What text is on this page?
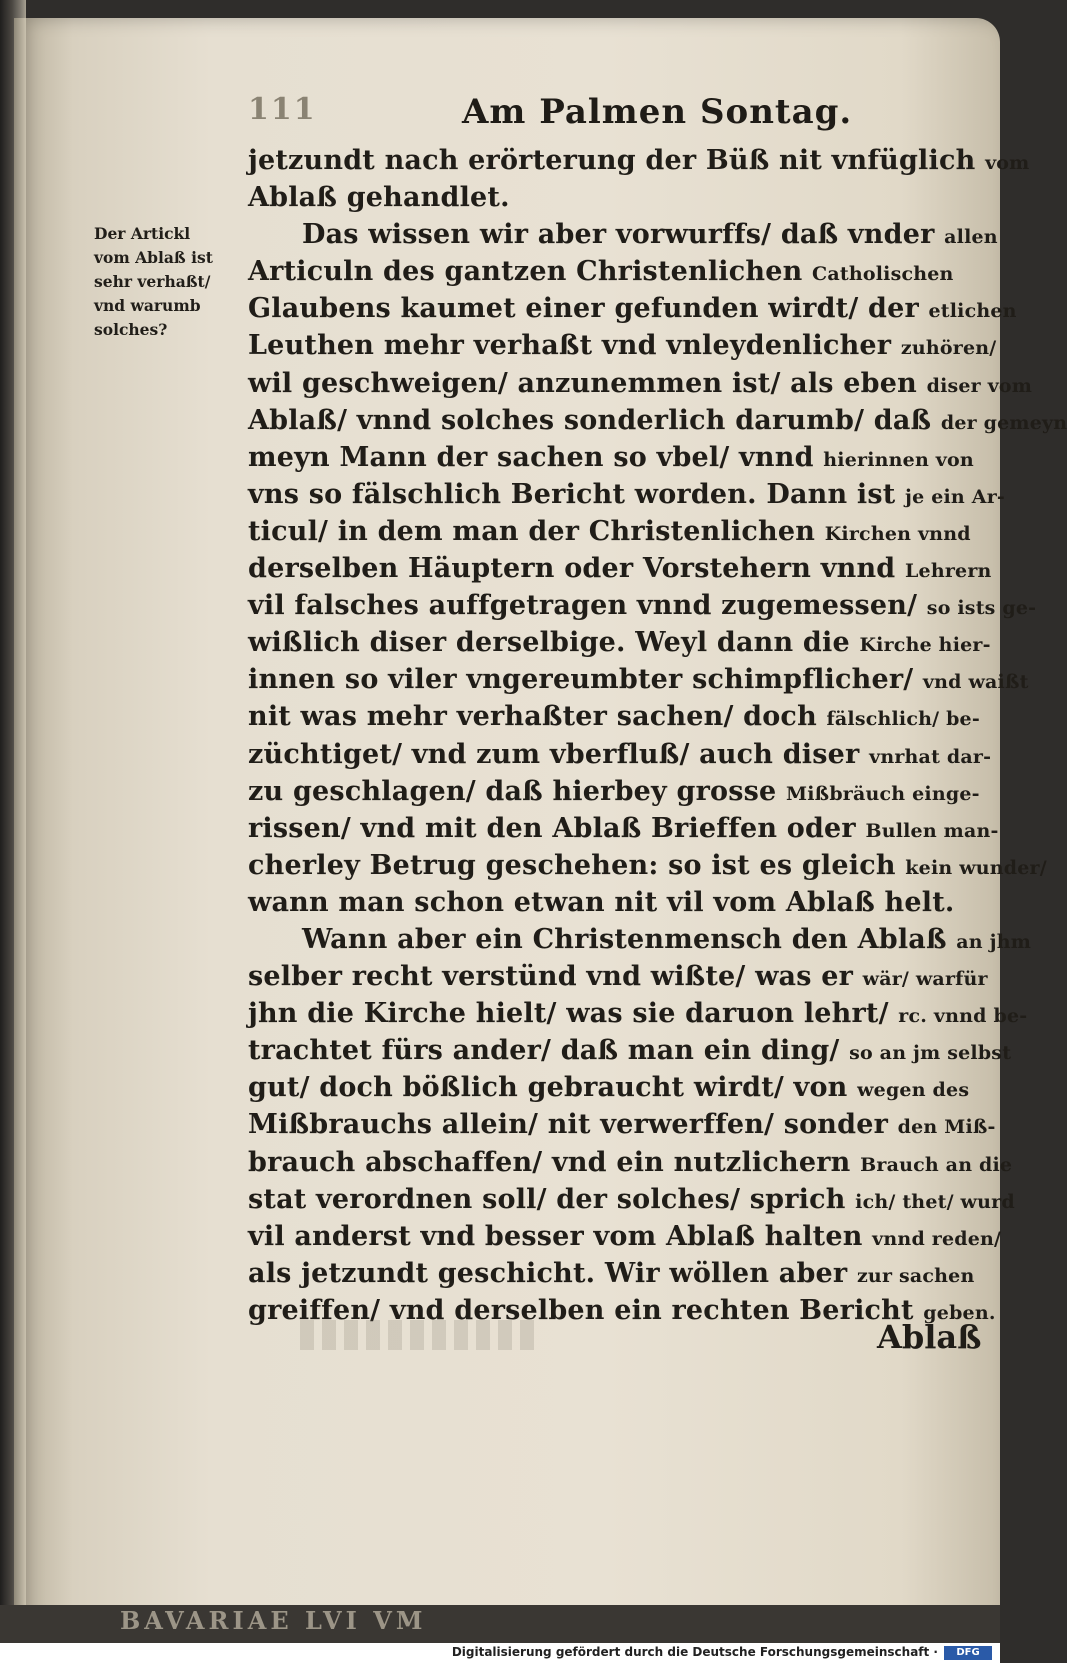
111	Am Palmen Sontag.
Der Artickl
vom Ablaß ist
sehr verhaßt/
vnd warumb
solches?
jetzundt nach erörterung der Büß nit vnfüglich vom
Ablaß gehandlet.
Das wissen wir aber vorwurffs/ daß vnder allen
Articuln des gantzen Christenlichen Catholischen
Glaubens kaumet einer gefunden wirdt/ der etlichen
Leuthen mehr verhaßt vnd vnleydenlicher zuhören/
wil geschweigen/ anzunemmen ist/ als eben diser vom
Ablaß/ vnnd solches sonderlich darumb/ daß der gemeyn
meyn Mann der sachen so vbel/ vnnd hierinnen von
vns so fälschlich Bericht worden. Dann ist je ein Ar-
ticul/ in dem man der Christenlichen Kirchen vnnd
derselben Häuptern oder Vorstehern vnnd Lehrern
vil falsches auffgetragen vnnd zugemessen/ so ists ge-
wißlich diser derselbige. Weyl dann die Kirche hier-
innen so viler vngereumbter schimpflicher/ vnd waißt
nit was mehr verhaßter sachen/ doch fälschlich/ be-
züchtiget/ vnd zum vberfluß/ auch diser vnrhat dar-
zu geschlagen/ daß hierbey grosse Mißbräuch einge-
rissen/ vnd mit den Ablaß Brieffen oder Bullen man-
cherley Betrug geschehen: so ist es gleich kein wunder/
wann man schon etwan nit vil vom Ablaß helt.
Wann aber ein Christenmensch den Ablaß an jhm
selber recht verstünd vnd wißte/ was er wär/ warfür
jhn die Kirche hielt/ was sie daruon lehrt/ rc. vnnd be-
trachtet fürs ander/ daß man ein ding/ so an jm selbst
gut/ doch bößlich gebraucht wirdt/ von wegen des
Mißbrauchs allein/ nit verwerffen/ sonder den Miß-
brauch abschaffen/ vnd ein nutzlichern Brauch an die
stat verordnen soll/ der solches/ sprich ich/ thet/ wurd
vil anderst vnd besser vom Ablaß halten vnnd reden/
als jetzundt geschicht. Wir wöllen aber zur sachen
greiffen/ vnd derselben ein rechten Bericht geben.
Ablaß
BAVARIAE LVI VM
Digitalisierung gefördert durch die Deutsche Forschungsgemeinschaft ·	DFG
